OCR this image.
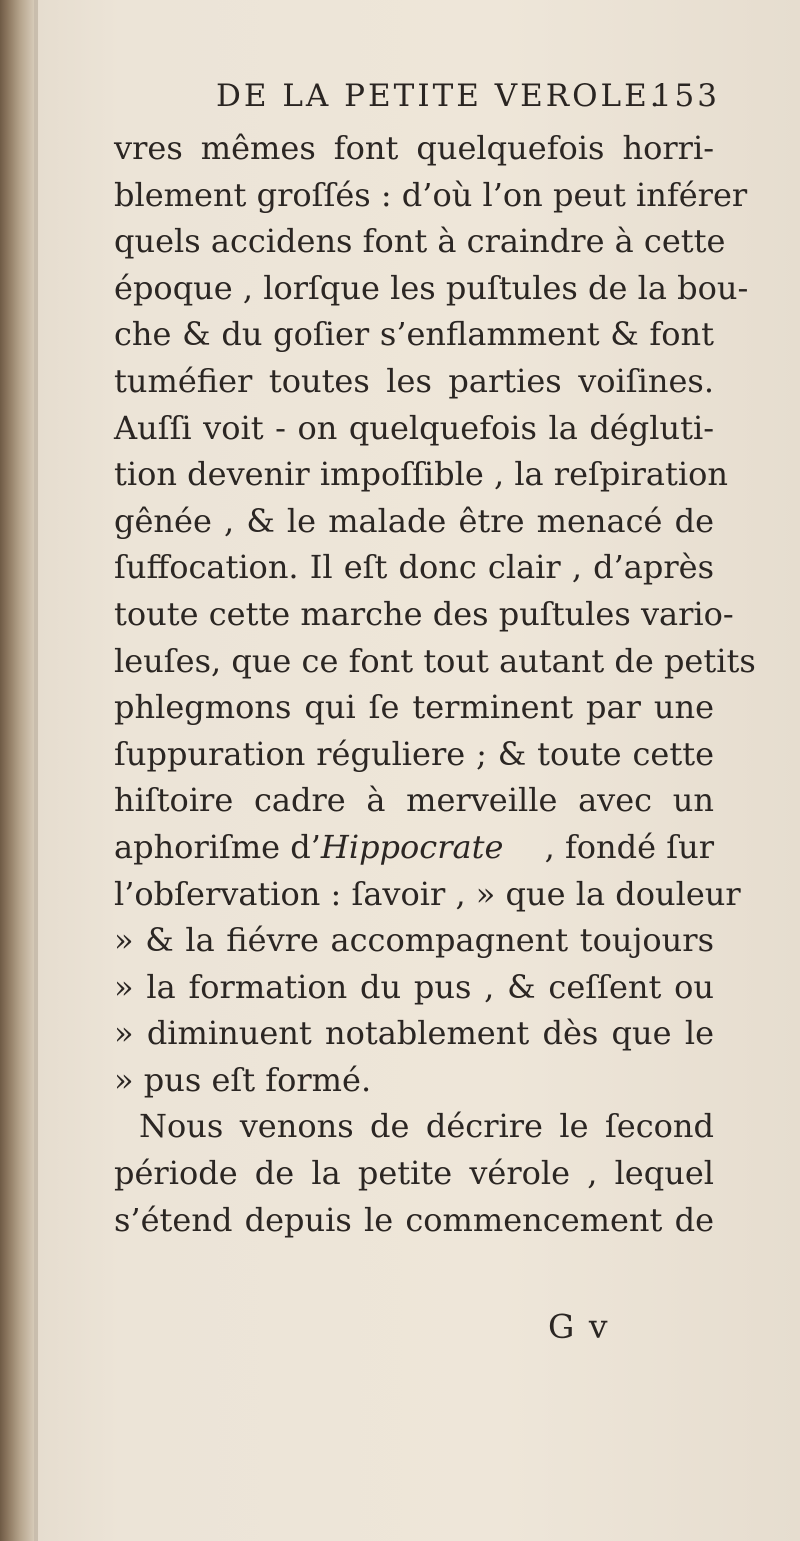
DE LA PETITE VEROLE.
153
vres mêmes font quelquefois horri-
blement groſſés : d’où l’on peut inférer
quels accidens font à craindre à cette
époque , lorſque les puſtules de la bou-
che & du goſier s’enflamment & font
tuméfier toutes les parties voiſines.
Auſſi voit - on quelquefois la dégluti-
tion devenir impoſſible , la reſpiration
gênée , & le malade être menacé de
ſuffocation. Il eſt donc clair , d’après
toute cette marche des puſtules vario-
leuſes, que ce font tout autant de petits
phlegmons qui ſe terminent par une
ſuppuration réguliere ; & toute cette
hiſtoire cadre à merveille avec un
aphoriſme d’ Hippocrate , fondé ſur
l’obſervation : ſavoir , » que la douleur
» & la fiévre accompagnent toujours
» la formation du pus , & ceſſent ou
» diminuent notablement dès que le
» pus eſt formé.
Nous venons de décrire le ſecond
période de la petite vérole , lequel
s’étend depuis le commencement de
G v
